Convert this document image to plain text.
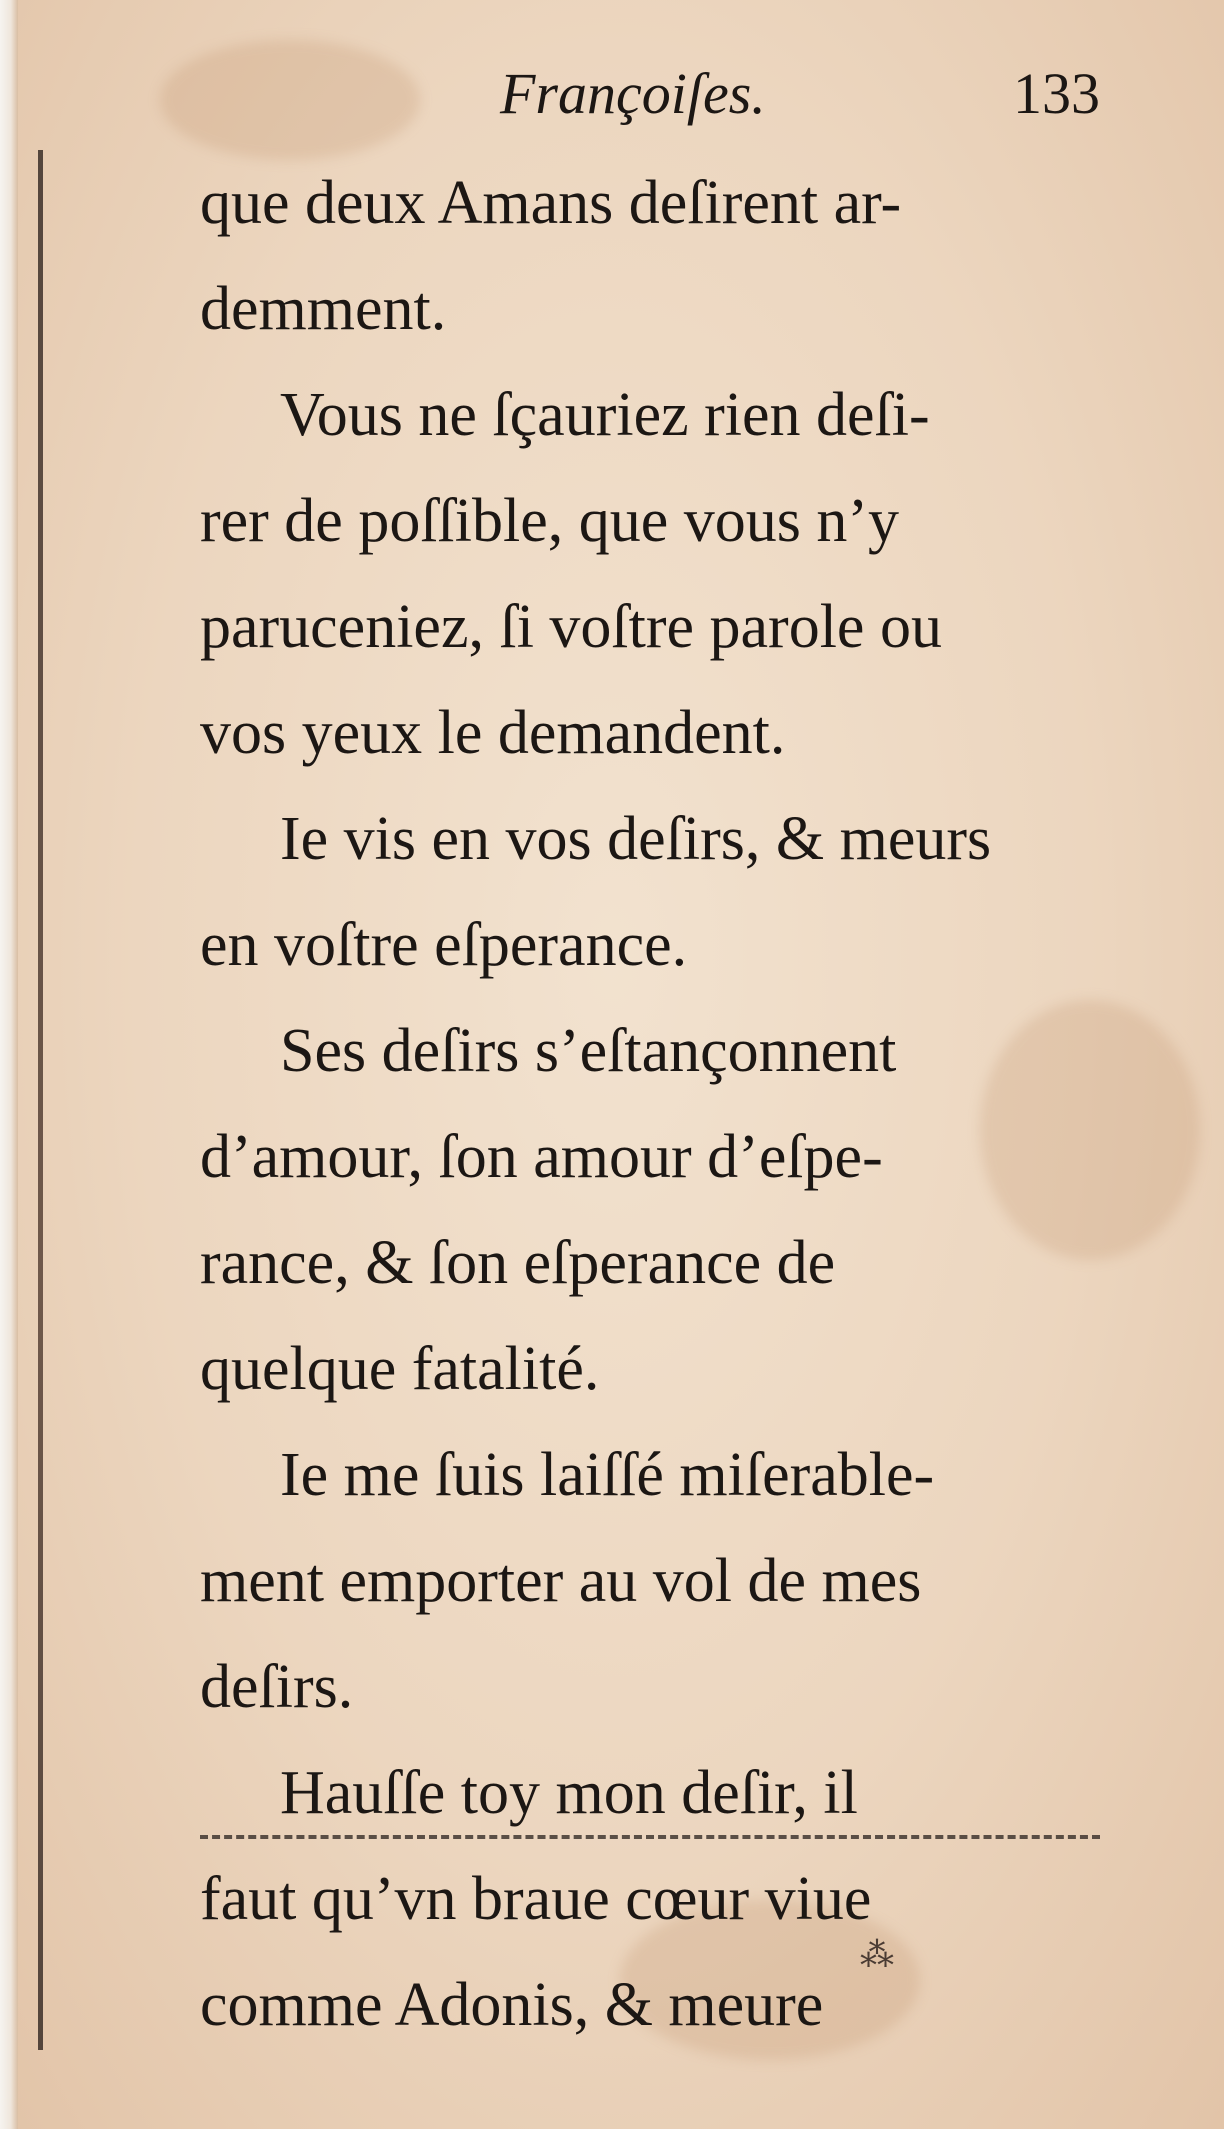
Françoiſes.	133
que deux Amans deſirent ar-
demment.
Vous ne ſçauriez rien deſi-
rer de poſſible, que vous n’y
paruceniez, ſi voſtre parole ou
vos yeux le demandent.
Ie vis en vos deſirs, & meurs
en voſtre eſperance.
Ses deſirs s’eſtançonnent
d’amour, ſon amour d’eſpe-
rance, & ſon eſperance de
quelque fatalité.
Ie me ſuis laiſſé miſerable-
ment emporter au vol de mes
deſirs.
Hauſſe toy mon deſir, il
faut qu’vn braue cœur viue
comme Adonis, & meure
⁂
